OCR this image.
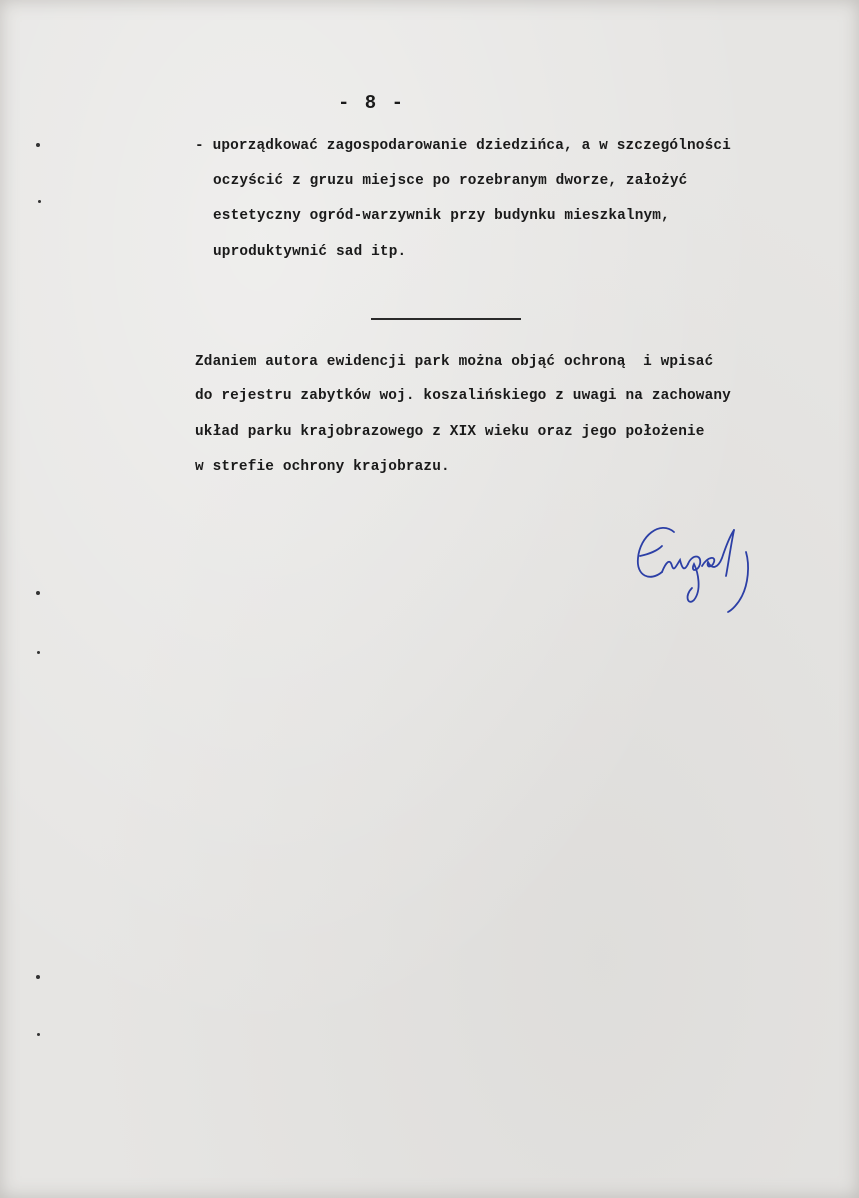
- 8 -
- uporządkować zagospodarowanie dziedzińca, a w szczególności
oczyścić z gruzu miejsce po rozebranym dworze, założyć
estetyczny ogród-warzywnik przy budynku mieszkalnym,
uproduktywnić sad itp.
Zdaniem autora ewidencji park można objąć ochroną  i wpisać
do rejestru zabytków woj. koszalińskiego z uwagi na zachowany
układ parku krajobrazowego z XIX wieku oraz jego położenie
w strefie ochrony krajobrazu.
